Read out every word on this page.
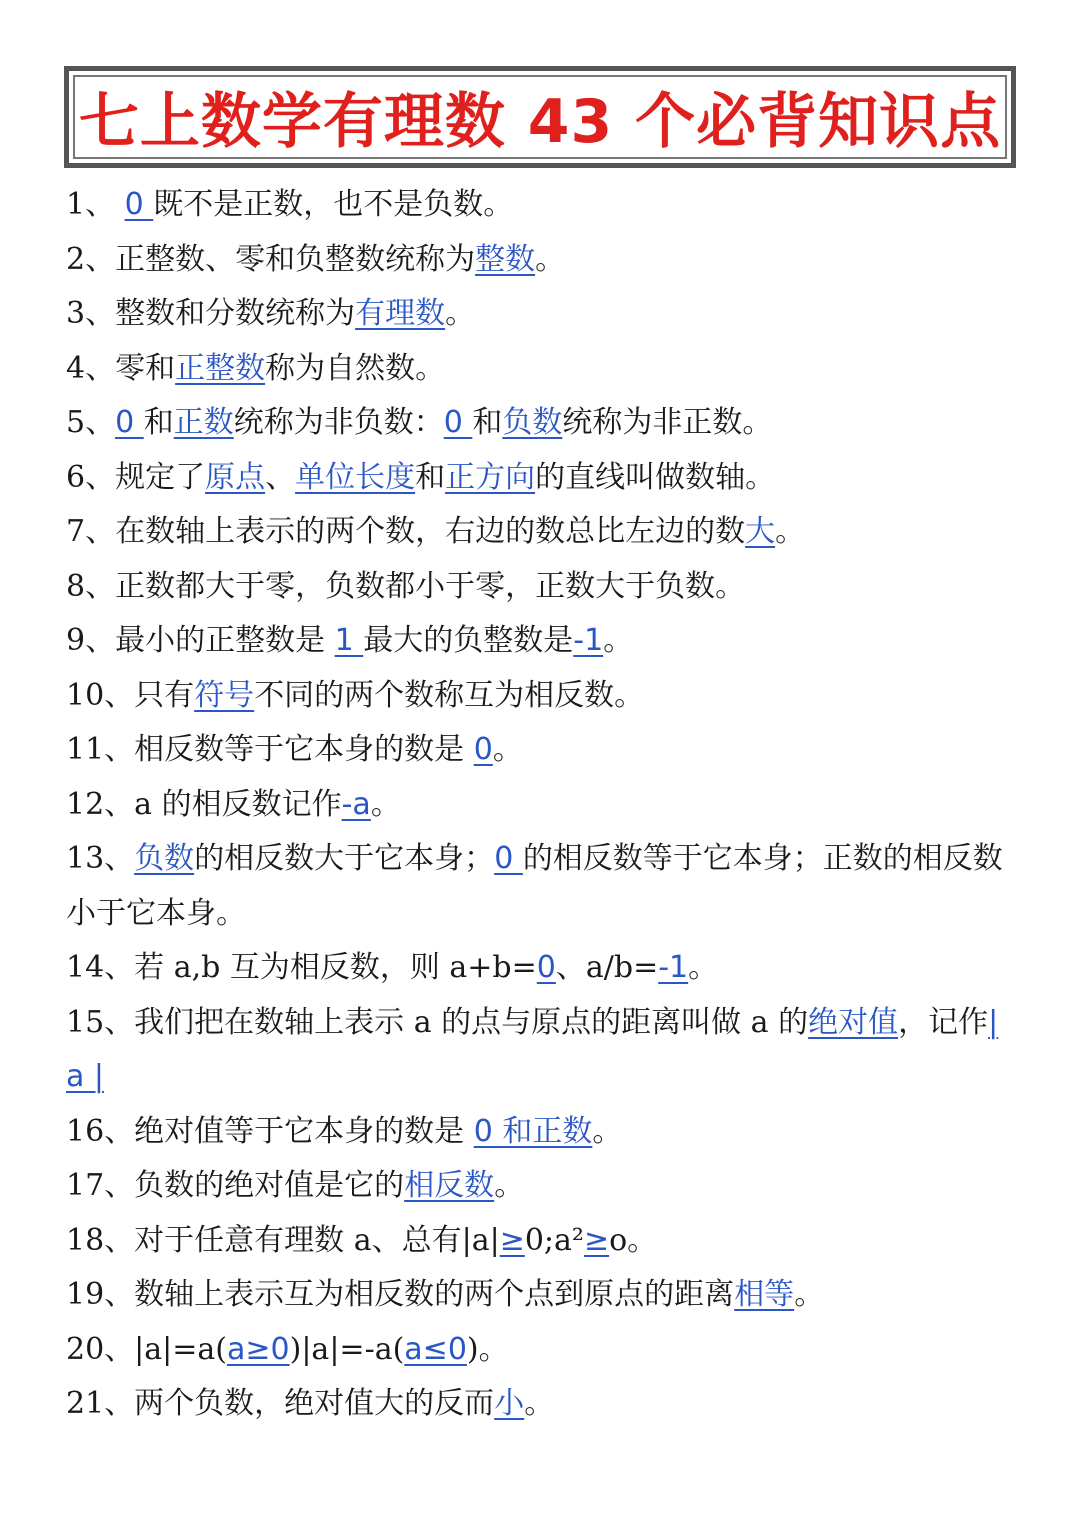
七上数学有理数 43 个必背知识点
1、 0 既不是正数，也不是负数。
2、正整数、零和负整数统称为整数。
3、整数和分数统称为有理数。
4、零和正整数称为自然数。
5、0 和正数统称为非负数：0 和负数统称为非正数。
6、规定了原点、单位长度和正方向的直线叫做数轴。
7、在数轴上表示的两个数，右边的数总比左边的数大。
8、正数都大于零，负数都小于零，正数大于负数。
9、最小的正整数是 1 最大的负整数是-1。
10、只有符号不同的两个数称互为相反数。
11、相反数等于它本身的数是 0。
12、a 的相反数记作-a。
13、负数的相反数大于它本身；0 的相反数等于它本身；正数的相反数小于它本身。
14、若 a,b 互为相反数，则 a+b=0、a/b=-1。
15、我们把在数轴上表示 a 的点与原点的距离叫做 a 的绝对值，记作| a |
16、绝对值等于它本身的数是 0 和正数。
17、负数的绝对值是它的相反数。
18、对于任意有理数 a、总有|a|≥0;a²≥o。
19、数轴上表示互为相反数的两个点到原点的距离相等。
20、|a|=a(a≥0)|a|=-a(a≤0)。
21、两个负数，绝对值大的反而小。
